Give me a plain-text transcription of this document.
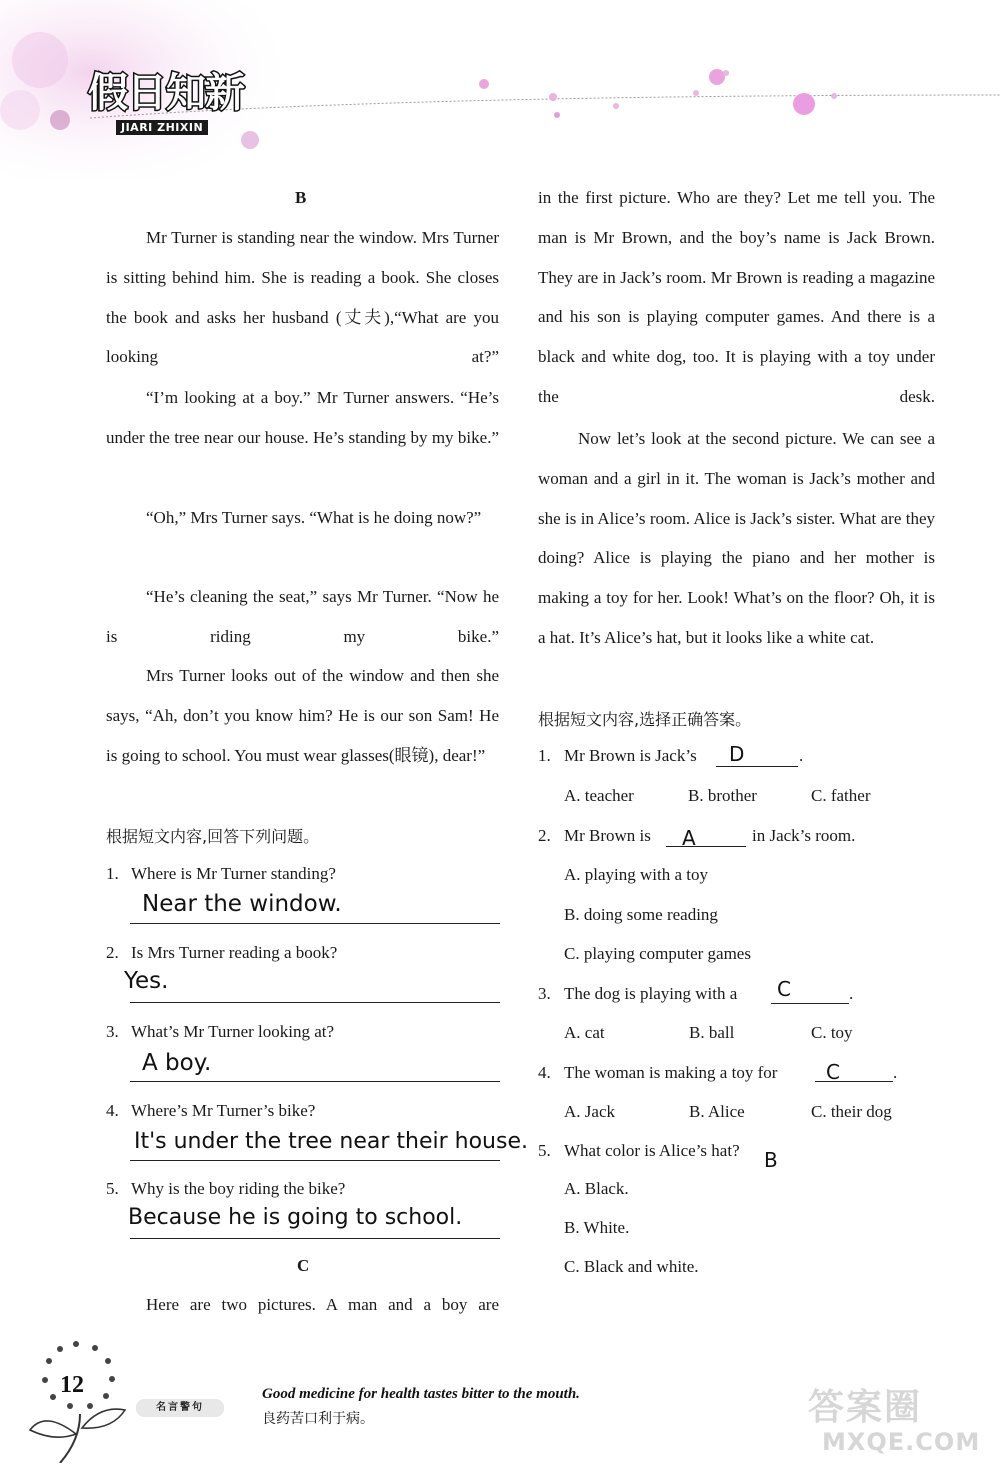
假日知新
JIARI ZHIXIN
B

Mr Turner is standing near the window. Mrs Turner is sitting behind him. She is reading a book. She closes the book and asks her husband (丈夫),“What are you looking at?”

“I’m looking at a boy.” Mr Turner answers. “He’s under the tree near our house. He’s standing by my bike.”

“Oh,” Mrs Turner says. “What is he doing now?”

“He’s cleaning the seat,” says Mr Turner. “Now he is riding my bike.”

Mrs Turner looks out of the window and then she says, “Ah, don’t you know him? He is our son Sam! He is going to school. You must wear glasses(眼镜), dear!”

根据短文内容,回答下列问题。
1. Where is Mr Turner standing?
Near the window.
2. Is Mrs Turner reading a book?
Yes.
3. What’s Mr Turner looking at?
A boy.
4. Where’s Mr Turner’s bike?
It's under the tree near their house.
5. Why is the boy riding the bike?
Because he is going to school.
C

Here are two pictures. A man and a boy are

in the first picture. Who are they? Let me tell you. The man is Mr Brown, and the boy’s name is Jack Brown. They are in Jack’s room. Mr Brown is reading a magazine and his son is playing computer games. And there is a black and white dog, too. It is playing with a toy under the desk.

Now let’s look at the second picture. We can see a woman and a girl in it. The woman is Jack’s mother and she is in Alice’s room. Alice is Jack’s sister. What are they doing? Alice is playing the piano and her mother is making a toy for her. Look! What’s on the floor? Oh, it is a hat. It’s Alice’s hat, but it looks like a white cat.

根据短文内容,选择正确答案。
1. Mr Brown is Jack’s D	.
A. teacher	B. brother	C. father
2. Mr Brown is A	in Jack’s room.
A. playing with a toy
B. doing some reading
C. playing computer games
3. The dog is playing with a C	.
A. cat	B. ball	C. toy
4. The woman is making a toy for C	.
A. Jack	B. Alice	C. their dog
5. What color is Alice’s hat? B
A. Black.
B. White.
C. Black and white.
12
名言警句
Good medicine for health tastes bitter to the mouth.
良药苦口利于病。	答案圈
MXQE.COM
